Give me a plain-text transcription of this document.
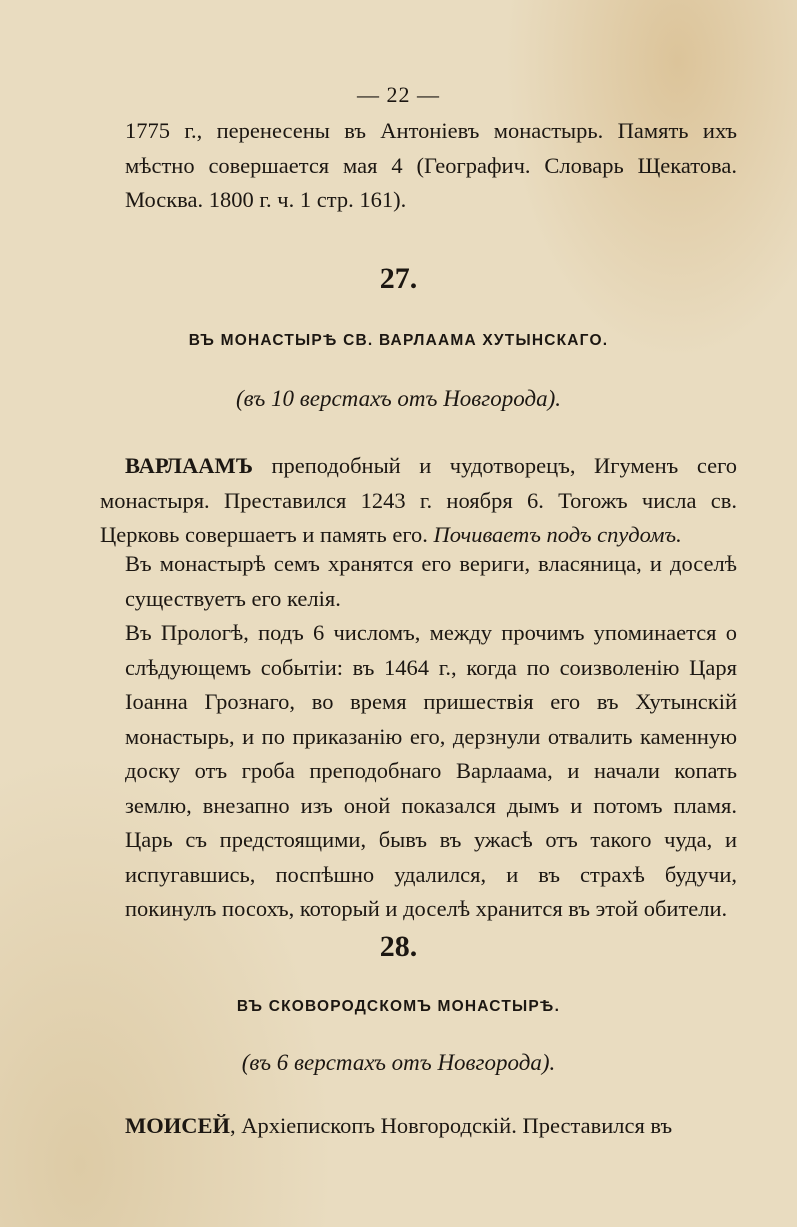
— 22 —

1775 г., перенесены въ Антоніевъ монастырь. Память ихъ мѣстно совершается мая 4 (Географич. Словарь Щекатова. Москва. 1800 г. ч. 1 стр. 161).

27.
ВЪ МОНАСТЫРѢ СВ. ВАРЛААМА ХУТЫНСКАГО.
(въ 10 верстахъ отъ Новгорода).

ВАРЛААМЪ преподобный и чудотворецъ, Игуменъ сего монастыря. Преставился 1243 г. ноября 6. Тогожъ числа св. Церковь совершаетъ и память его. Почиваетъ подъ спудомъ.

Въ монастырѣ семъ хранятся его вериги, власяница, и доселѣ существуетъ его келія.

Въ Прологѣ, подъ 6 числомъ, между прочимъ упоминается о слѣдующемъ событіи: въ 1464 г., когда по соизволенію Царя Іоанна Грознаго, во время пришествія его въ Хутынскій монастырь, и по приказанію его, дерзнули отвалить каменную доску отъ гроба преподобнаго Варлаама, и начали копать землю, внезапно изъ оной показался дымъ и потомъ пламя. Царь съ предстоящими, бывъ въ ужасѣ отъ такого чуда, и испугавшись, поспѣшно удалился, и въ страхѣ будучи, покинулъ посохъ, который и доселѣ хранится въ этой обители.

28.
ВЪ СКОВОРОДСКОМЪ МОНАСТЫРѢ.
(въ 6 верстахъ отъ Новгорода).

МОИСЕЙ, Архіепископъ Новгородскій. Преставился въ
